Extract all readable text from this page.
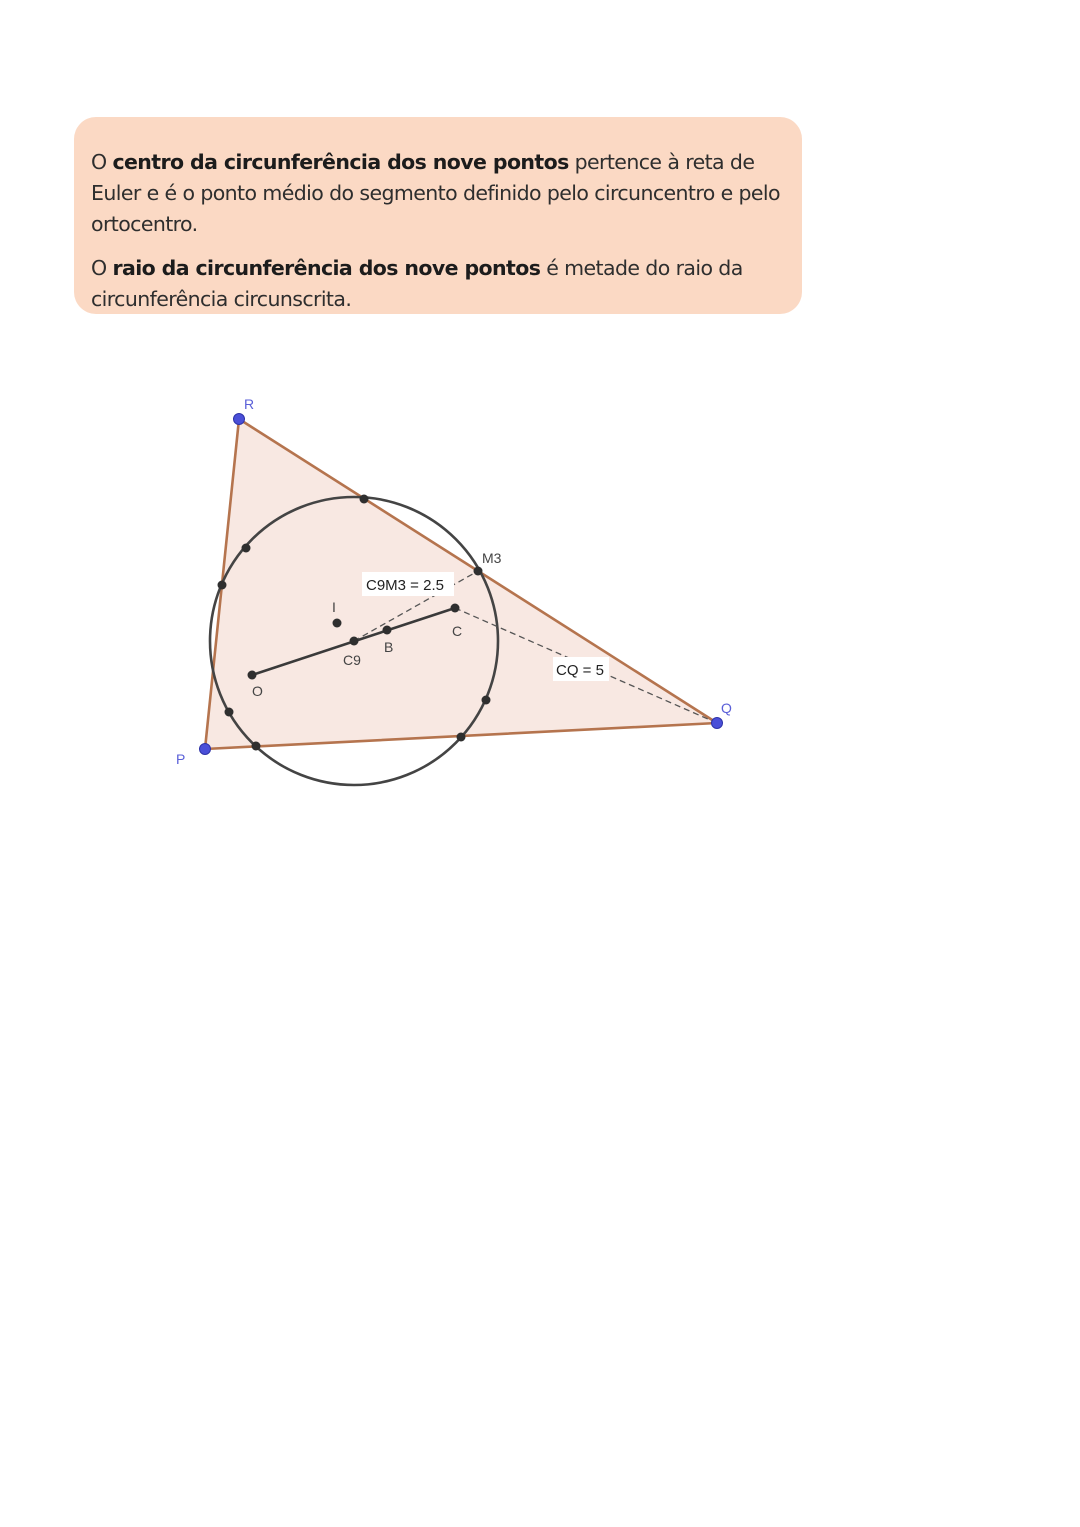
O centro da circunferência dos nove pontos pertence à reta de Euler e é o ponto médio do segmento definido pelo circuncentro e pelo ortocentro.

O raio da circunferência dos nove pontos é metade do raio da circunferência circunscrita.

C9M3 = 2.5
CQ = 5
R
P
Q
M3
C
B
C9
O
I
